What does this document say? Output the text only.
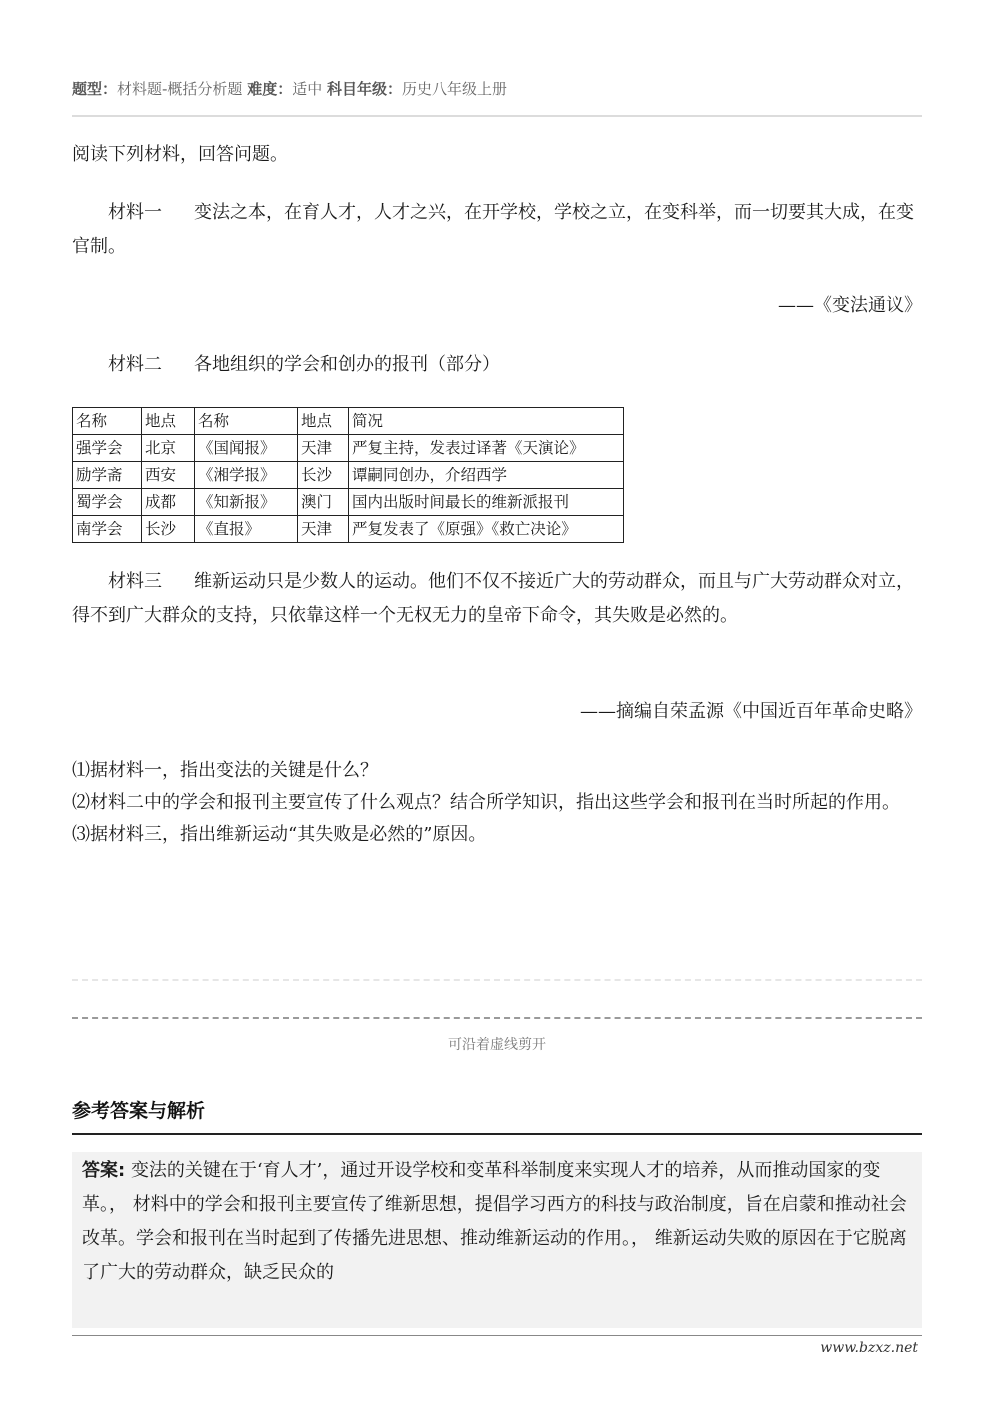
题型：材料题-概括分析题 难度：适中 科目年级：历史八年级上册
阅读下列材料，回答问题。
材料一 变法之本，在育人才，人才之兴，在开学校，学校之立，在变科举，而一切要其大成，在变官制。
——《变法通议》
材料二 各地组织的学会和创办的报刊（部分）
名称	地点	名称	地点	简况
强学会	北京	《国闻报》	天津	严复主持，发表过译著《天演论》
励学斋	西安	《湘学报》	长沙	谭嗣同创办，介绍西学
蜀学会	成都	《知新报》	澳门	国内出版时间最长的维新派报刊
南学会	长沙	《直报》	天津	严复发表了《原强》《救亡决论》
材料三 维新运动只是少数人的运动。他们不仅不接近广大的劳动群众，而且与广大劳动群众对立，得不到广大群众的支持，只依靠这样一个无权无力的皇帝下命令，其失败是必然的。
——摘编自荣孟源《中国近百年革命史略》
⑴据材料一，指出变法的关键是什么？
⑵材料二中的学会和报刊主要宣传了什么观点？结合所学知识，指出这些学会和报刊在当时所起的作用。
⑶据材料三，指出维新运动“其失败是必然的”原因。
可沿着虚线剪开
参考答案与解析
答案: 变法的关键在于‘育人才’，通过开设学校和变革科举制度来实现人才的培养，从而推动国家的变革。， 材料中的学会和报刊主要宣传了维新思想，提倡学习西方的科技与政治制度，旨在启蒙和推动社会改革。学会和报刊在当时起到了传播先进思想、推动维新运动的作用。， 维新运动失败的原因在于它脱离了广大的劳动群众，缺乏民众的
www.bzxz.net
